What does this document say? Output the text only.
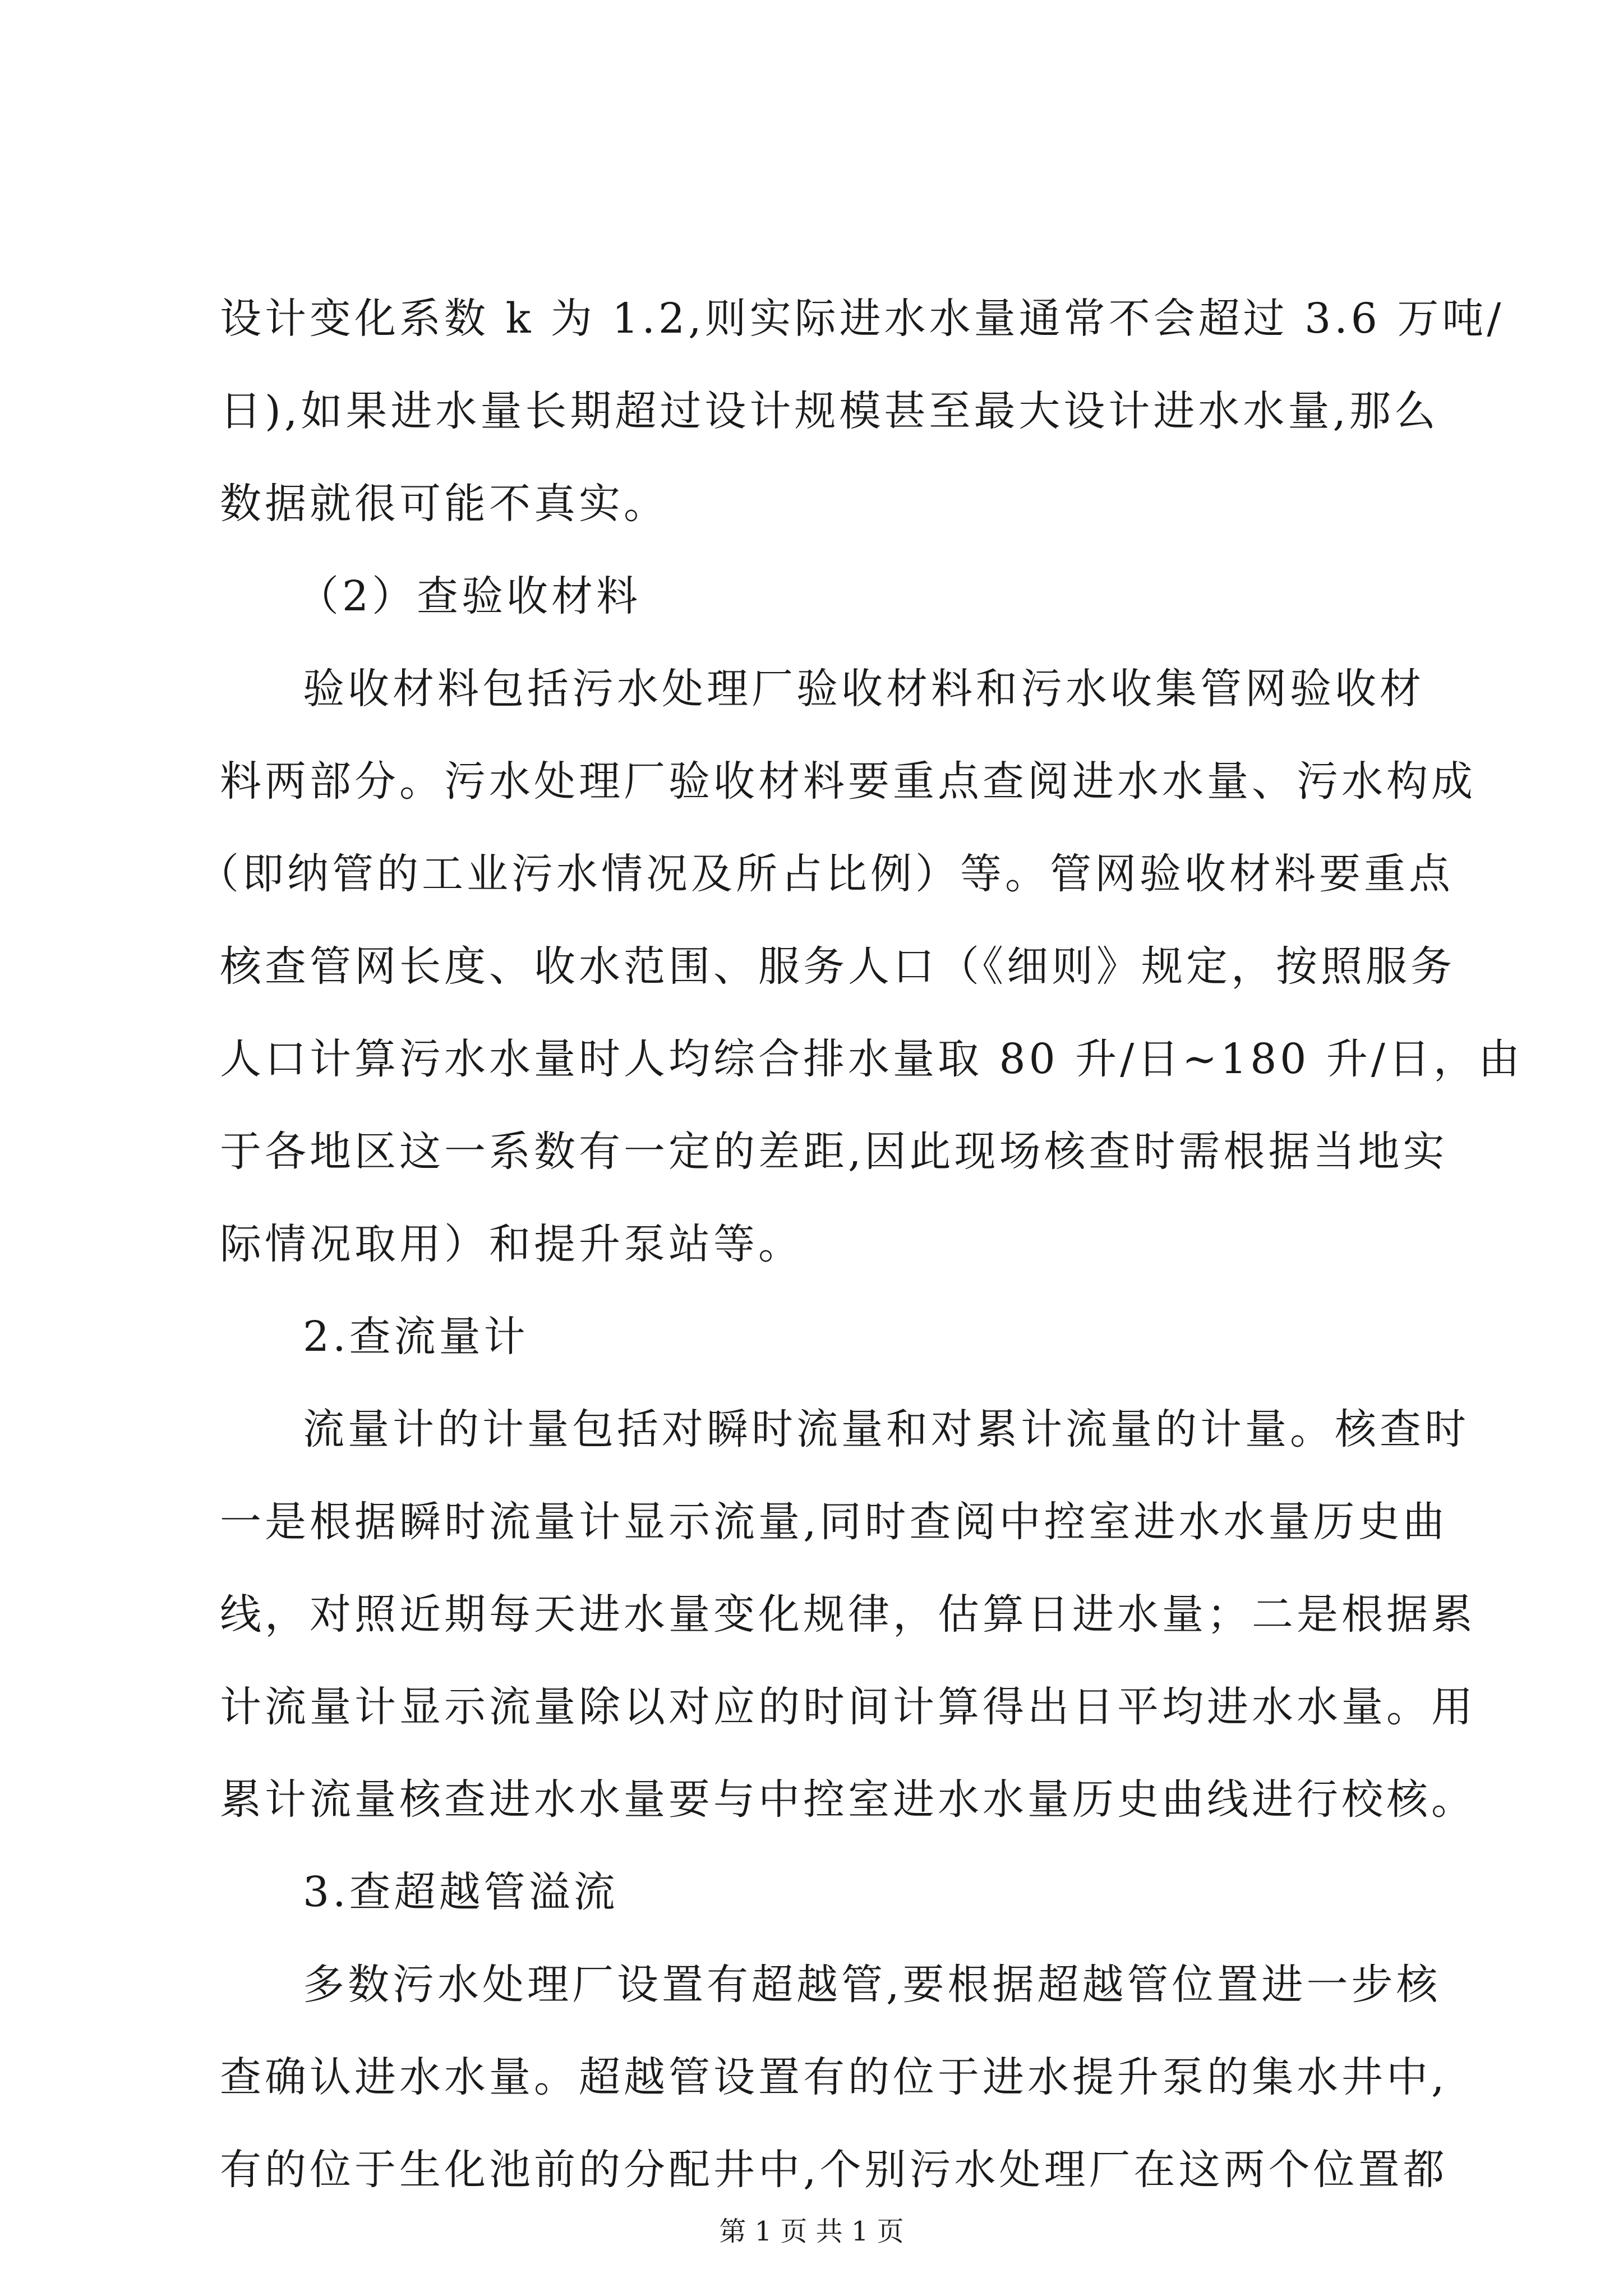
设计变化系数 k 为 1.2,则实际进水水量通常不会超过 3.6 万吨/

日),如果进水量长期超过设计规模甚至最大设计进水水量,那么

数据就很可能不真实。

（2）查验收材料

验收材料包括污水处理厂验收材料和污水收集管网验收材

料两部分。污水处理厂验收材料要重点查阅进水水量、污水构成

（即纳管的工业污水情况及所占比例）等。管网验收材料要重点

核查管网长度、收水范围、服务人口（《细则》规定，按照服务

人口计算污水水量时人均综合排水量取 80 升/日~180 升/日，由

于各地区这一系数有一定的差距,因此现场核查时需根据当地实

际情况取用）和提升泵站等。

2.查流量计

流量计的计量包括对瞬时流量和对累计流量的计量。核查时

一是根据瞬时流量计显示流量,同时查阅中控室进水水量历史曲

线，对照近期每天进水量变化规律，估算日进水量；二是根据累

计流量计显示流量除以对应的时间计算得出日平均进水水量。用

累计流量核查进水水量要与中控室进水水量历史曲线进行校核。

3.查超越管溢流

多数污水处理厂设置有超越管,要根据超越管位置进一步核

查确认进水水量。超越管设置有的位于进水提升泵的集水井中,

有的位于生化池前的分配井中,个别污水处理厂在这两个位置都

第 1 页 共 1 页
